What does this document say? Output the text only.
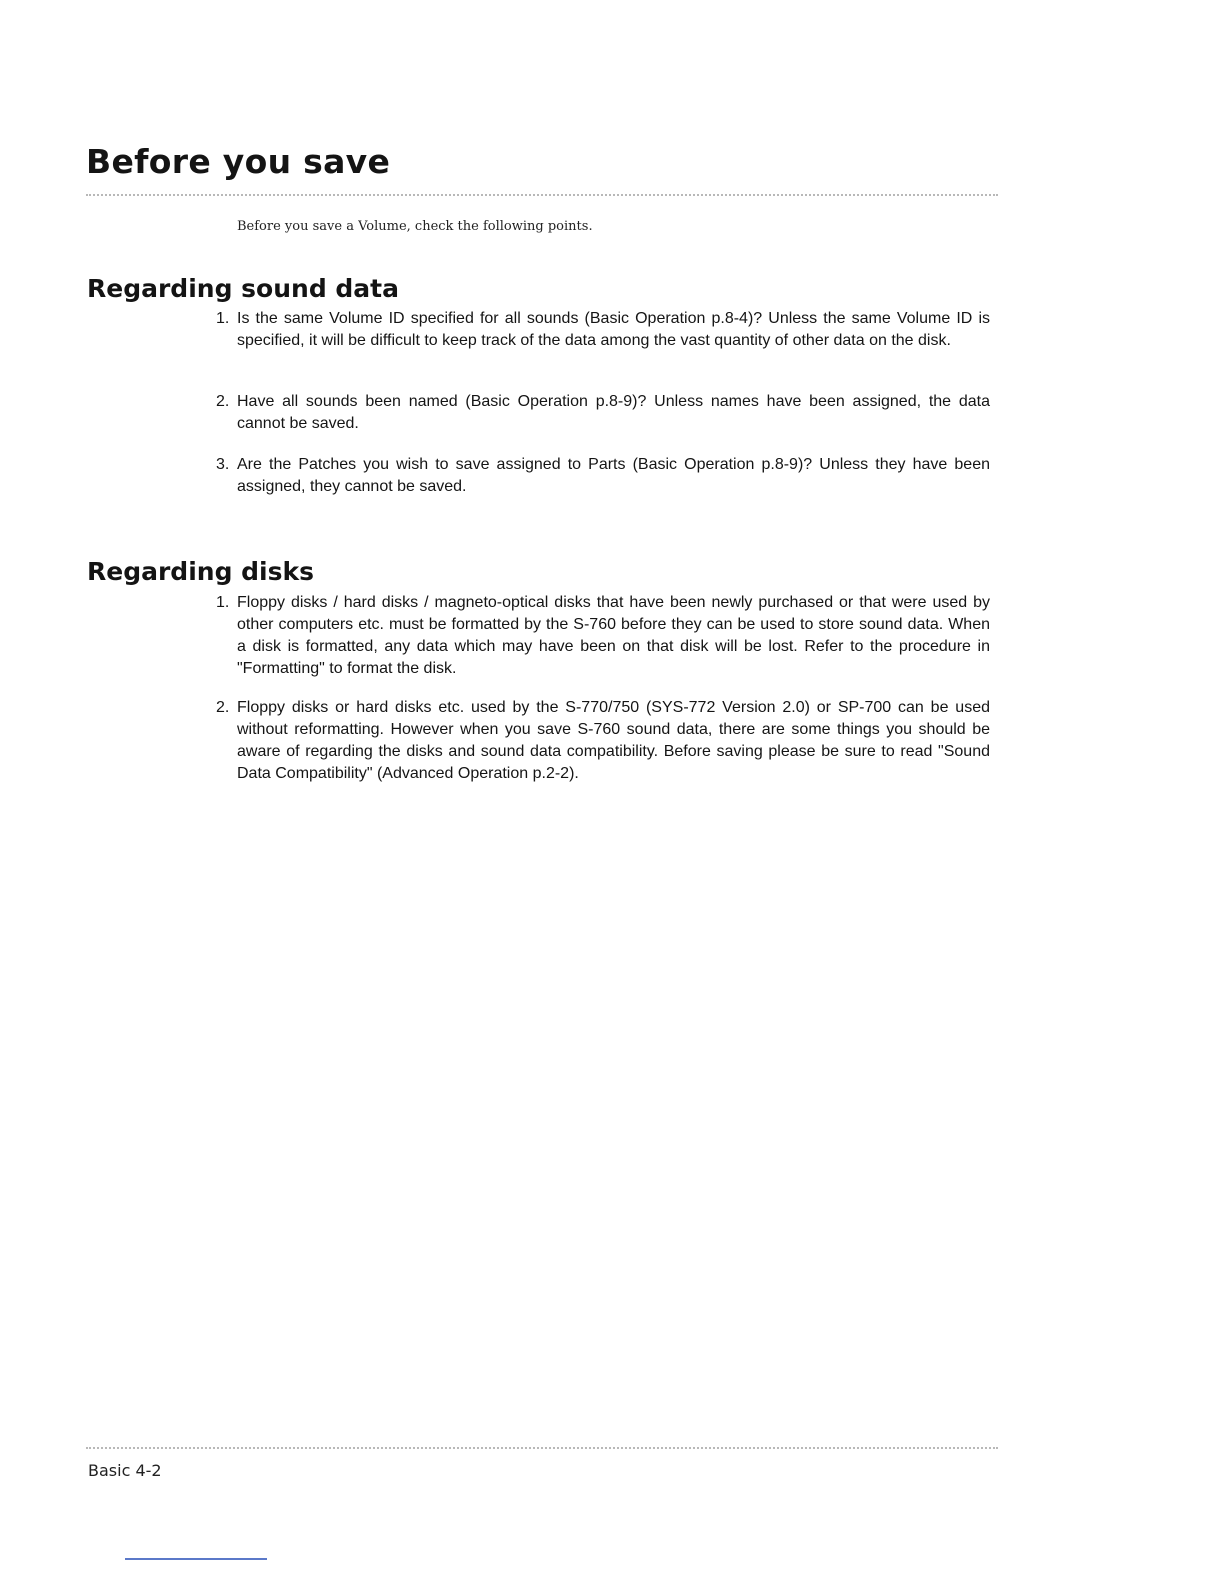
Before you save

Before you save a Volume, check the following points.

Regarding sound data
1. Is the same Volume ID specified for all sounds (Basic Operation p.8-4)? Unless the same Volume ID is specified, it will be difficult to keep track of the data among the vast quantity of other data on the disk.
2. Have all sounds been named (Basic Operation p.8-9)? Unless names have been assigned, the data cannot be saved.
3. Are the Patches you wish to save assigned to Parts (Basic Operation p.8-9)? Unless they have been assigned, they cannot be saved.
Regarding disks
1. Floppy disks / hard disks / magneto-optical disks that have been newly purchased or that were used by other computers etc. must be formatted by the S-760 before they can be used to store sound data. When a disk is formatted, any data which may have been on that disk will be lost. Refer to the procedure in "Formatting" to format the disk.
2. Floppy disks or hard disks etc. used by the S-770/750 (SYS-772 Version 2.0) or SP-700 can be used without reformatting. However when you save S-760 sound data, there are some things you should be aware of regarding the disks and sound data compatibility. Before saving please be sure to read "Sound Data Compatibility" (Advanced Operation p.2-2).

Basic 4-2
